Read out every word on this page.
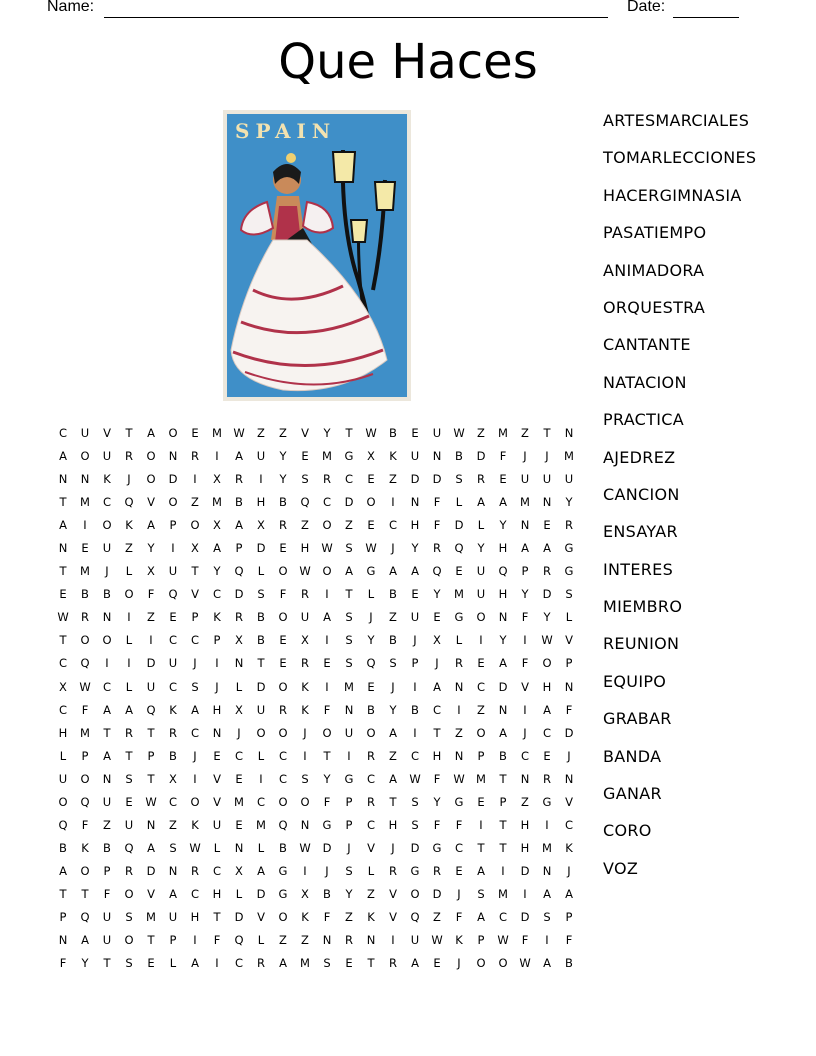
Name:	Date:
Que Haces
SPAIN	ARTESMARCIALES
TOMARLECCIONES
HACERGIMNASIA
PASATIEMPO
ANIMADORA
ORQUESTRA
CANTANTE
NATACION
PRACTICA
AJEDREZ
CANCION
ENSAYAR
INTERES
MIEMBRO
REUNION
EQUIPO
GRABAR
BANDA
GANAR
CORO
VOZ
C U V T A O E M W Z Z V Y T W B E U W Z M Z T N
A O U R O N R I A U Y E M G X K U N B D F J J M
N N K J O D I X R I Y S R C E Z D D S R E U U U
T M C Q V O Z M B H B Q C D O I N F L A A M N Y
A I O K A P O X A X R Z O Z E C H F D L Y N E R
N E U Z Y I X A P D E H W S W J Y R Q Y H A A G
T M J L X U T Y Q L O W O A G A A Q E U Q P R G
E B B O F Q V C D S F R I T L B E Y M U H Y D S
W R N I Z E P K R B O U A S J Z U E G O N F Y L
T O O L I C C P X B E X I S Y B J X L I Y I W V
C Q I I D U J I N T E R E S Q S P J R E A F O P
X W C L U C S J L D O K I M E J I A N C D V H N
C F A A Q K A H X U R K F N B Y B C I Z N I A F
H M T R T R C N J O O J O U O A I T Z O A J C D
L P A T P B J E C L C I T I R Z C H N P B C E J
U O N S T X I V E I C S Y G C A W F W M T N R N
O Q U E W C O V M C O O F P R T S Y G E P Z G V
Q F Z U N Z K U E M Q N G P C H S F F I T H I C
B K B Q A S W L N L B W D J V J D G C T T H M K
A O P R D N R C X A G I J S L R G R E A I D N J
T T F O V A C H L D G X B Y Z V O D J S M I A A
P Q U S M U H T D V O K F Z K V Q Z F A C D S P
N A U O T P I F Q L Z Z N R N I U W K P W F I F
F Y T S E L A I C R A M S E T R A E J O O W A B
